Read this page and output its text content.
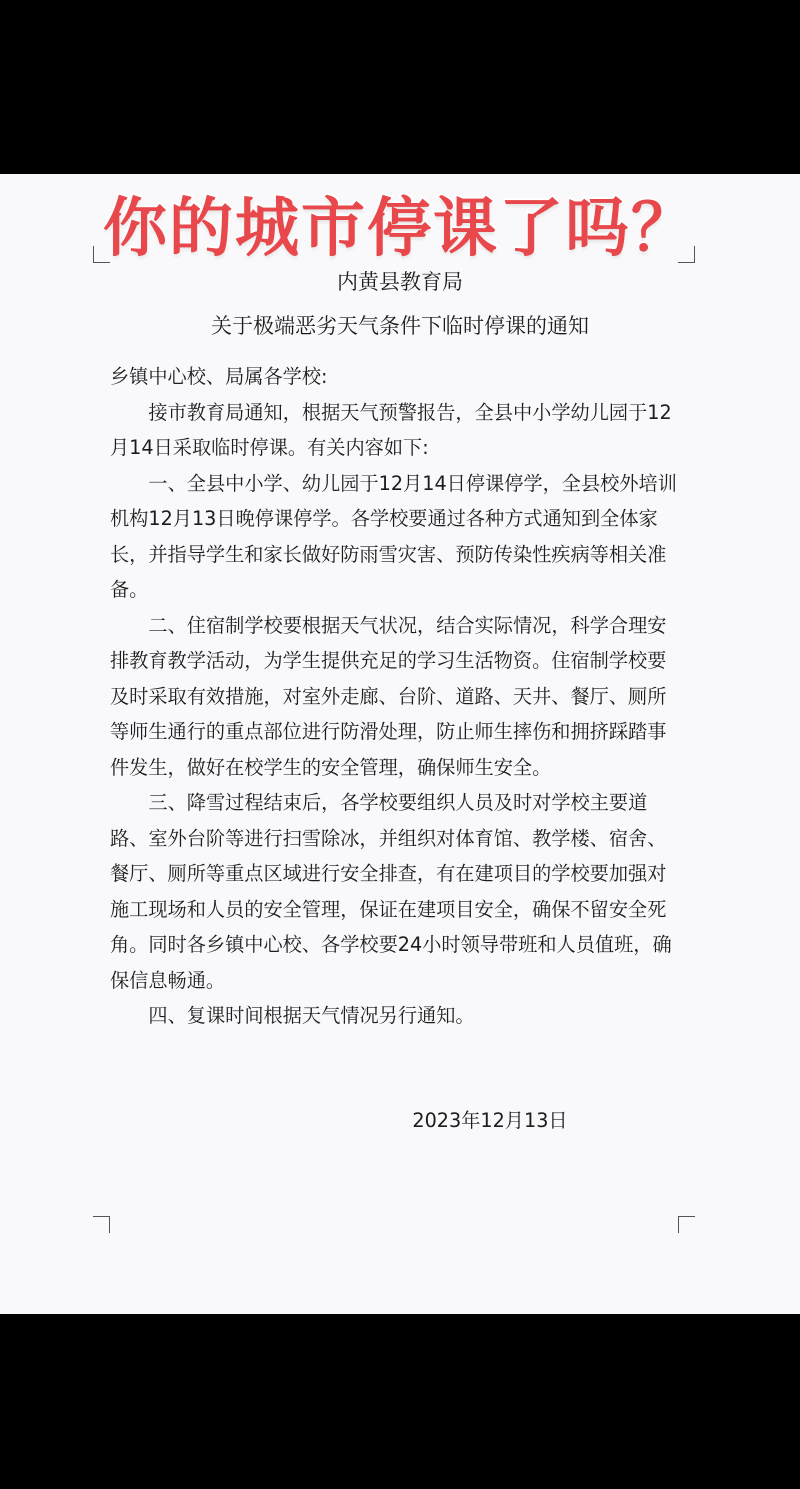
你的城市停课了吗？
内黄县教育局
关于极端恶劣天气条件下临时停课的通知

乡镇中心校、局属各学校:

接市教育局通知，根据天气预警报告，全县中小学幼儿园于12月14日采取临时停课。有关内容如下:

一、全县中小学、幼儿园于12月14日停课停学，全县校外培训机构12月13日晚停课停学。各学校要通过各种方式通知到全体家长，并指导学生和家长做好防雨雪灾害、预防传染性疾病等相关准备。

二、住宿制学校要根据天气状况，结合实际情况，科学合理安排教育教学活动，为学生提供充足的学习生活物资。住宿制学校要及时采取有效措施，对室外走廊、台阶、道路、天井、餐厅、厕所等师生通行的重点部位进行防滑处理，防止师生摔伤和拥挤踩踏事件发生，做好在校学生的安全管理，确保师生安全。

三、降雪过程结束后，各学校要组织人员及时对学校主要道路、室外台阶等进行扫雪除冰，并组织对体育馆、教学楼、宿舍、餐厅、厕所等重点区域进行安全排查，有在建项目的学校要加强对施工现场和人员的安全管理，保证在建项目安全，确保不留安全死角。同时各乡镇中心校、各学校要24小时领导带班和人员值班，确保信息畅通。

四、复课时间根据天气情况另行通知。

2023年12月13日
